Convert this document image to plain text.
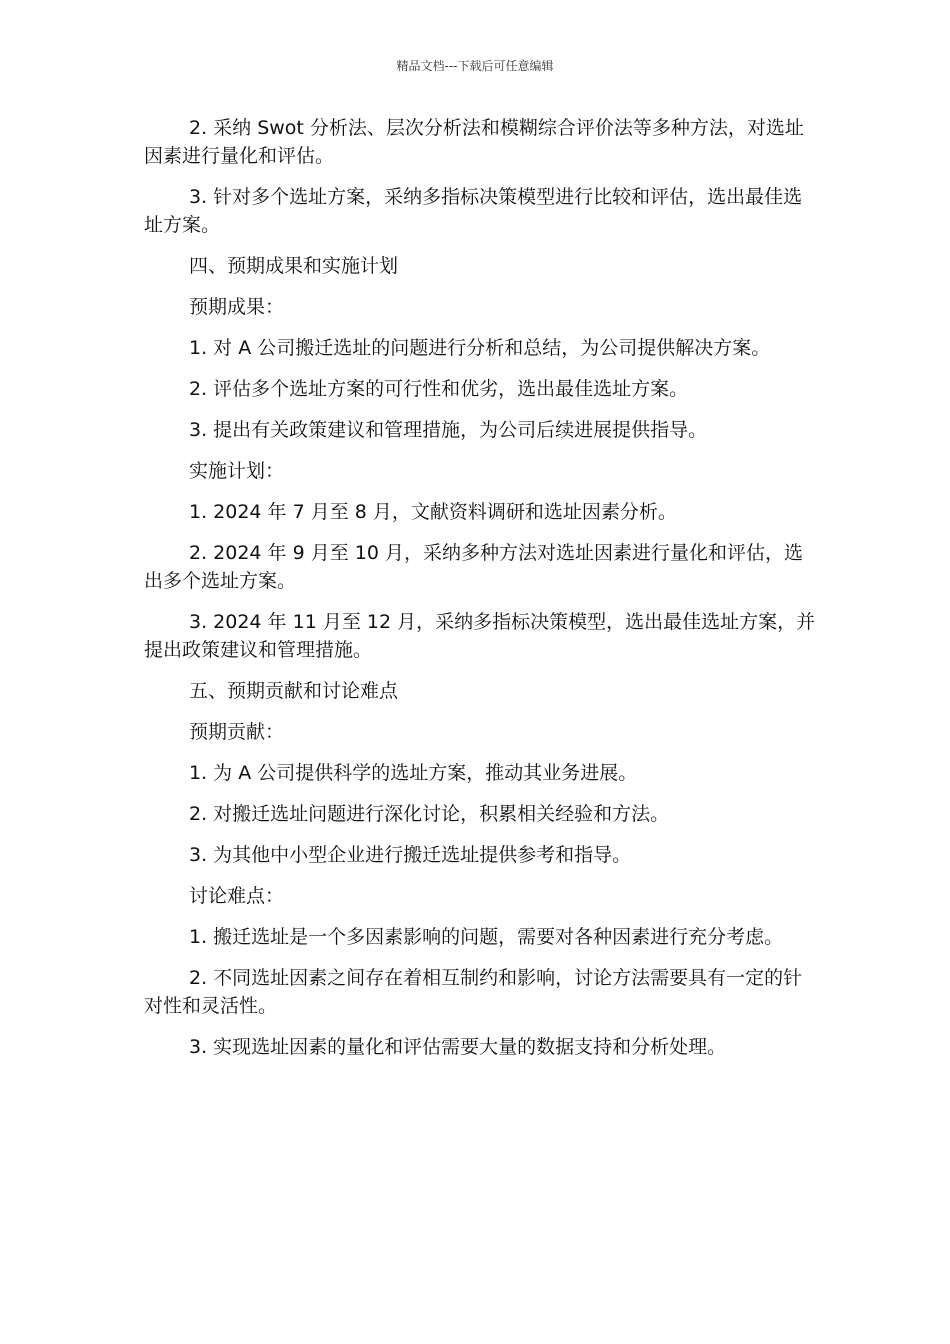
精品文档---下载后可任意编辑

2. 采纳 Swot 分析法、层次分析法和模糊综合评价法等多种方法，对选址因素进行量化和评估。

3. 针对多个选址方案，采纳多指标决策模型进行比较和评估，选出最佳选址方案。

四、预期成果和实施计划

预期成果：

1. 对 A 公司搬迁选址的问题进行分析和总结，为公司提供解决方案。

2. 评估多个选址方案的可行性和优劣，选出最佳选址方案。

3. 提出有关政策建议和管理措施，为公司后续进展提供指导。

实施计划：

1. 2024 年 7 月至 8 月，文献资料调研和选址因素分析。

2. 2024 年 9 月至 10 月，采纳多种方法对选址因素进行量化和评估，选出多个选址方案。

3. 2024 年 11 月至 12 月，采纳多指标决策模型，选出最佳选址方案，并提出政策建议和管理措施。

五、预期贡献和讨论难点

预期贡献：

1. 为 A 公司提供科学的选址方案，推动其业务进展。

2. 对搬迁选址问题进行深化讨论，积累相关经验和方法。

3. 为其他中小型企业进行搬迁选址提供参考和指导。

讨论难点：

1. 搬迁选址是一个多因素影响的问题，需要对各种因素进行充分考虑。

2. 不同选址因素之间存在着相互制约和影响，讨论方法需要具有一定的针对性和灵活性。

3. 实现选址因素的量化和评估需要大量的数据支持和分析处理。
